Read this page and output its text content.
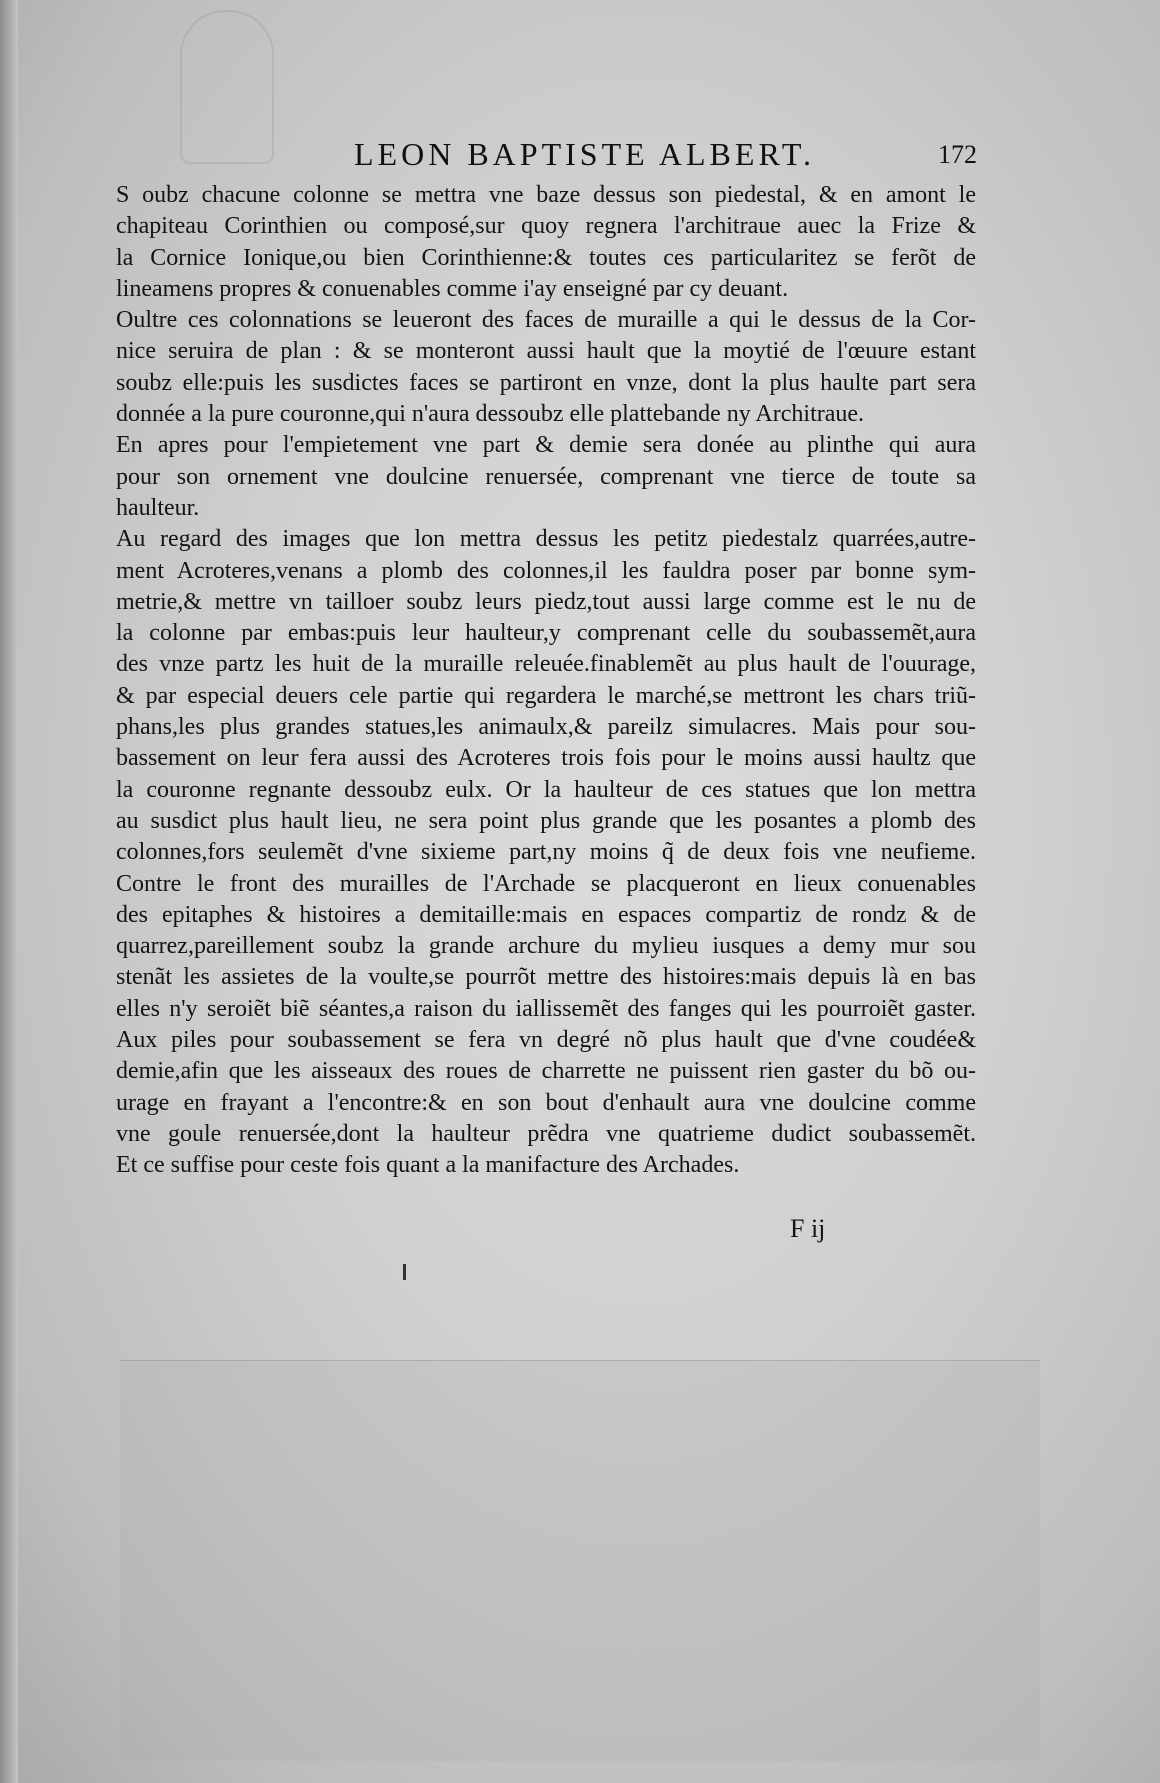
LEON BAPTISTE ALBERT.	172
S oubz chacune colonne se mettra vne baze dessus son piedestal, & en amont le
chapiteau Corinthien ou composé,sur quoy regnera l'architraue auec la Frize &
la Cornice Ionique,ou bien Corinthienne:& toutes ces particularitez se ferõt de
lineamens propres & conuenables comme i'ay enseigné par cy deuant.
Oultre ces colonnations se leueront des faces de muraille a qui le dessus de la Cor-
nice seruira de plan : & se monteront aussi hault que la moytié de l'œuure estant
soubz elle:puis les susdictes faces se partiront en vnze, dont la plus haulte part sera
donnée a la pure couronne,qui n'aura dessoubz elle plattebande ny Architraue.
En apres pour l'empietement vne part & demie sera donée au plinthe qui aura
pour son ornement vne doulcine renuersée, comprenant vne tierce de toute sa
haulteur.
Au regard des images que lon mettra dessus les petitz piedestalz quarrées,autre-
ment Acroteres,venans a plomb des colonnes,il les fauldra poser par bonne sym-
metrie,& mettre vn tailloer soubz leurs piedz,tout aussi large comme est le nu de
la colonne par embas:puis leur haulteur,y comprenant celle du soubassemẽt,aura
des vnze partz les huit de la muraille releuée.finablemẽt au plus hault de l'ouurage,
& par especial deuers cele partie qui regardera le marché,se mettront les chars triũ-
phans,les plus grandes statues,les animaulx,& pareilz simulacres. Mais pour sou-
bassement on leur fera aussi des Acroteres trois fois pour le moins aussi haultz que
la couronne regnante dessoubz eulx. Or la haulteur de ces statues que lon mettra
au susdict plus hault lieu, ne sera point plus grande que les posantes a plomb des
colonnes,fors seulemẽt d'vne sixieme part,ny moins q̃ de deux fois vne neufieme.
Contre le front des murailles de l'Archade se placqueront en lieux conuenables
des epitaphes & histoires a demitaille:mais en espaces compartiz de rondz & de
quarrez,pareillement soubz la grande archure du mylieu iusques a demy mur sou
stenãt les assietes de la voulte,se pourrõt mettre des histoires:mais depuis là en bas
elles n'y seroiẽt biẽ séantes,a raison du iallissemẽt des fanges qui les pourroiẽt gaster.
Aux piles pour soubassement se fera vn degré nõ plus hault que d'vne coudée&
demie,afin que les aisseaux des roues de charrette ne puissent rien gaster du bõ ou-
urage en frayant a l'encontre:& en son bout d'enhault aura vne doulcine comme
vne goule renuersée,dont la haulteur prẽdra vne quatrieme dudict soubassemẽt.
Et ce suffise pour ceste fois quant a la manifacture des Archades.
F ij
